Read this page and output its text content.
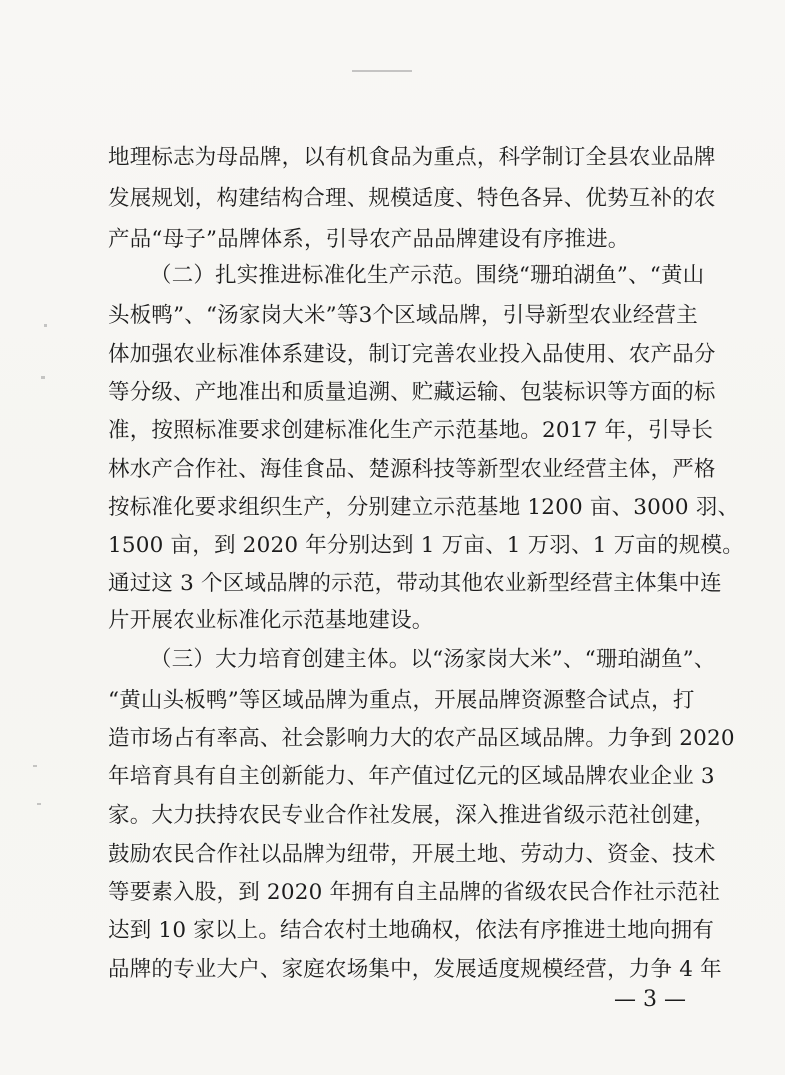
地理标志为母品牌，以有机食品为重点，科学制订全县农业品牌
发展规划，构建结构合理、规模适度、特色各异、优势互补的农
产品“母子”品牌体系，引导农产品品牌建设有序推进。
（二）扎实推进标准化生产示范。围绕“珊珀湖鱼”、“黄山
头板鸭”、“汤家岗大米”等3个区域品牌，引导新型农业经营主
体加强农业标准体系建设，制订完善农业投入品使用、农产品分
等分级、产地准出和质量追溯、贮藏运输、包装标识等方面的标
准，按照标准要求创建标准化生产示范基地。2017 年，引导长
林水产合作社、海佳食品、楚源科技等新型农业经营主体，严格
按标准化要求组织生产，分别建立示范基地 1200 亩、3000 羽、
1500 亩，到 2020 年分别达到 1 万亩、1 万羽、1 万亩的规模。
通过这 3 个区域品牌的示范，带动其他农业新型经营主体集中连
片开展农业标准化示范基地建设。
（三）大力培育创建主体。以“汤家岗大米”、“珊珀湖鱼”、
“黄山头板鸭”等区域品牌为重点，开展品牌资源整合试点，打
造市场占有率高、社会影响力大的农产品区域品牌。力争到 2020
年培育具有自主创新能力、年产值过亿元的区域品牌农业企业 3
家。大力扶持农民专业合作社发展，深入推进省级示范社创建，
鼓励农民合作社以品牌为纽带，开展土地、劳动力、资金、技术
等要素入股，到 2020 年拥有自主品牌的省级农民合作社示范社
达到 10 家以上。结合农村土地确权，依法有序推进土地向拥有
品牌的专业大户、家庭农场集中，发展适度规模经营，力争 4 年
— 3 —
